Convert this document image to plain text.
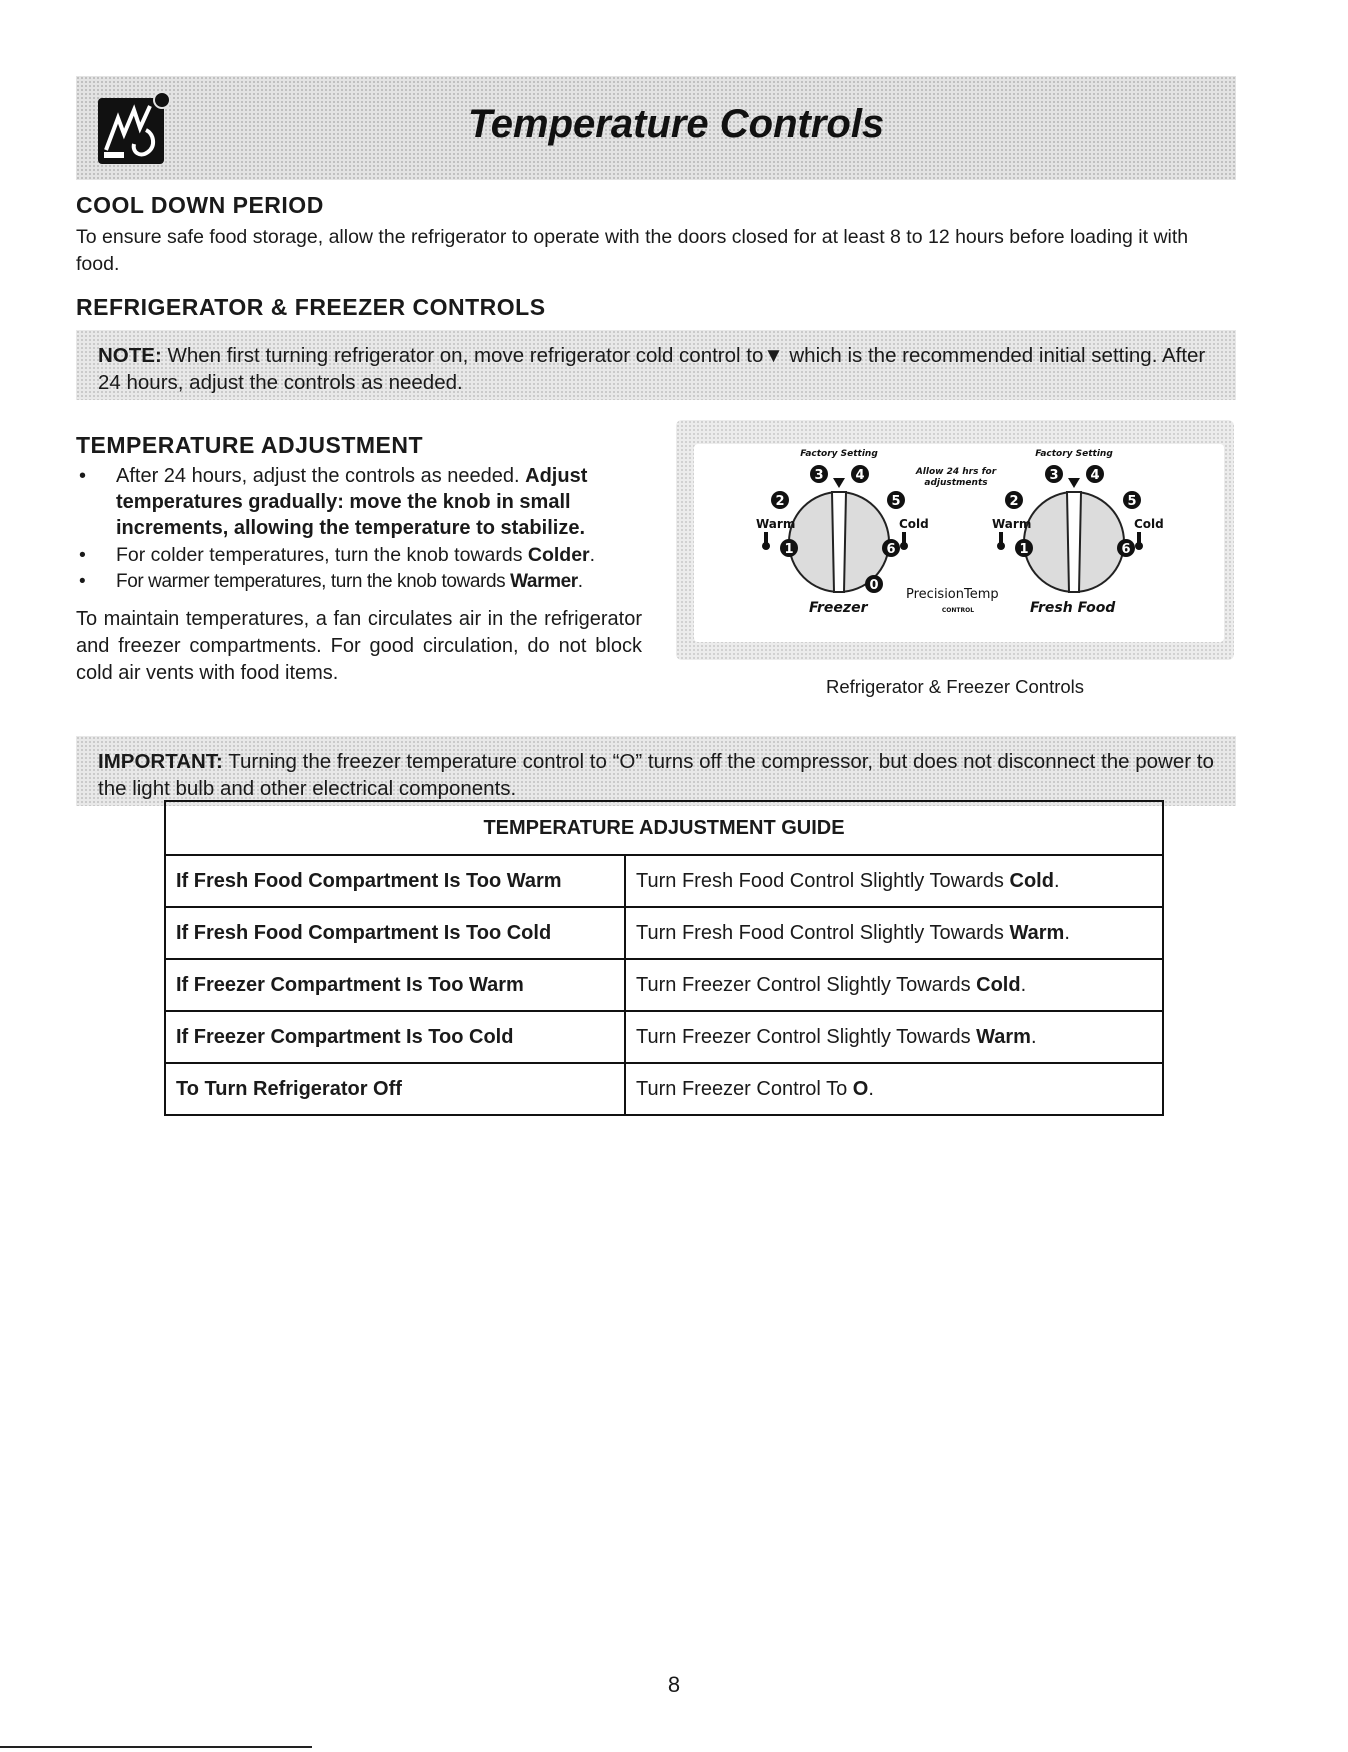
Temperature Controls
COOL DOWN PERIOD
To ensure safe food storage, allow the refrigerator to operate with the doors closed for at least 8 to 12 hours before loading it with food.
REFRIGERATOR & FREEZER CONTROLS
NOTE: When first turning refrigerator on, move refrigerator cold control to▼ which is the recommended initial setting. After 24 hours, adjust the controls as needed.
TEMPERATURE ADJUSTMENT
• After 24 hours, adjust the controls as needed. Adjust temperatures gradually: move the knob in small increments, allowing the temperature to stabilize.
• For colder temperatures, turn the knob towards Colder.
• For warmer temperatures, turn the knob towards Warmer.
To maintain temperatures, a fan circulates air in the refrigerator and freezer compartments. For good circulation, do not block cold air vents with food items.
3 4
2	5
1	6
0
3 4
2	5
1	6
Factory Setting	Factory Setting
Allow 24 hrs for
adjustments
Warm	Cold	Warm	Cold
Freezer	Fresh Food
PrecisionTemp
CONTROL
Refrigerator & Freezer Controls
IMPORTANT: Turning the freezer temperature control to “O” turns off the compressor, but does not disconnect the power to the light bulb and other electrical components.
TEMPERATURE ADJUSTMENT GUIDE	
If Fresh Food Compartment Is Too Warm	Turn Fresh Food Control Slightly Towards Cold.
If Fresh Food Compartment Is Too Cold	Turn Fresh Food Control Slightly Towards Warm.
If Freezer Compartment Is Too Warm	Turn Freezer Control Slightly Towards Cold.
If Freezer Compartment Is Too Cold	Turn Freezer Control Slightly Towards Warm.
To Turn Refrigerator Off	Turn Freezer Control To O.
8
